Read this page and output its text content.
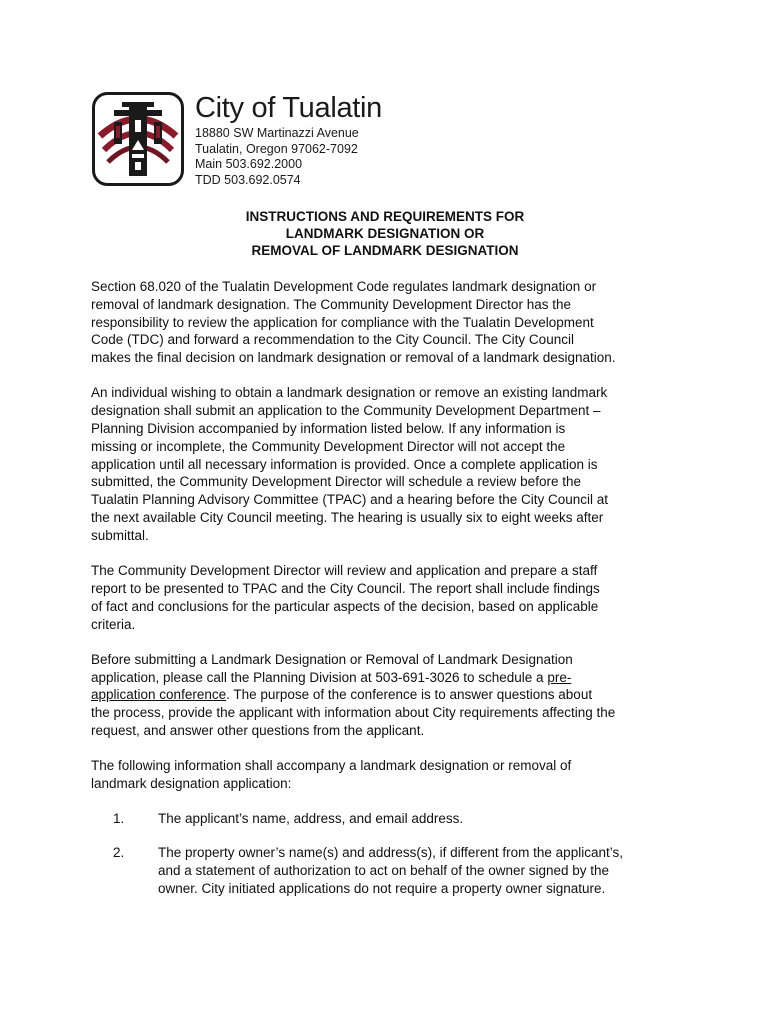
City of Tualatin
18880 SW Martinazzi Avenue
Tualatin, Oregon 97062-7092
Main 503.692.2000
TDD 503.692.0574
INSTRUCTIONS AND REQUIREMENTS FOR
LANDMARK DESIGNATION OR
REMOVAL OF LANDMARK DESIGNATION
Section 68.020 of the Tualatin Development Code regulates landmark designation or
removal of landmark designation. The Community Development Director has the
responsibility to review the application for compliance with the Tualatin Development
Code (TDC) and forward a recommendation to the City Council. The City Council
makes the final decision on landmark designation or removal of a landmark designation.
An individual wishing to obtain a landmark designation or remove an existing landmark
designation shall submit an application to the Community Development Department –
Planning Division accompanied by information listed below. If any information is
missing or incomplete, the Community Development Director will not accept the
application until all necessary information is provided. Once a complete application is
submitted, the Community Development Director will schedule a review before the
Tualatin Planning Advisory Committee (TPAC) and a hearing before the City Council at
the next available City Council meeting. The hearing is usually six to eight weeks after
submittal.
The Community Development Director will review and application and prepare a staff
report to be presented to TPAC and the City Council. The report shall include findings
of fact and conclusions for the particular aspects of the decision, based on applicable
criteria.
Before submitting a Landmark Designation or Removal of Landmark Designation
application, please call the Planning Division at 503-691-3026 to schedule a pre-
application conference. The purpose of the conference is to answer questions about
the process, provide the applicant with information about City requirements affecting the
request, and answer other questions from the applicant.
The following information shall accompany a landmark designation or removal of
landmark designation application:
1. The applicant’s name, address, and email address.
2. The property owner’s name(s) and address(s), if different from the applicant’s,
and a statement of authorization to act on behalf of the owner signed by the
owner. City initiated applications do not require a property owner signature.
